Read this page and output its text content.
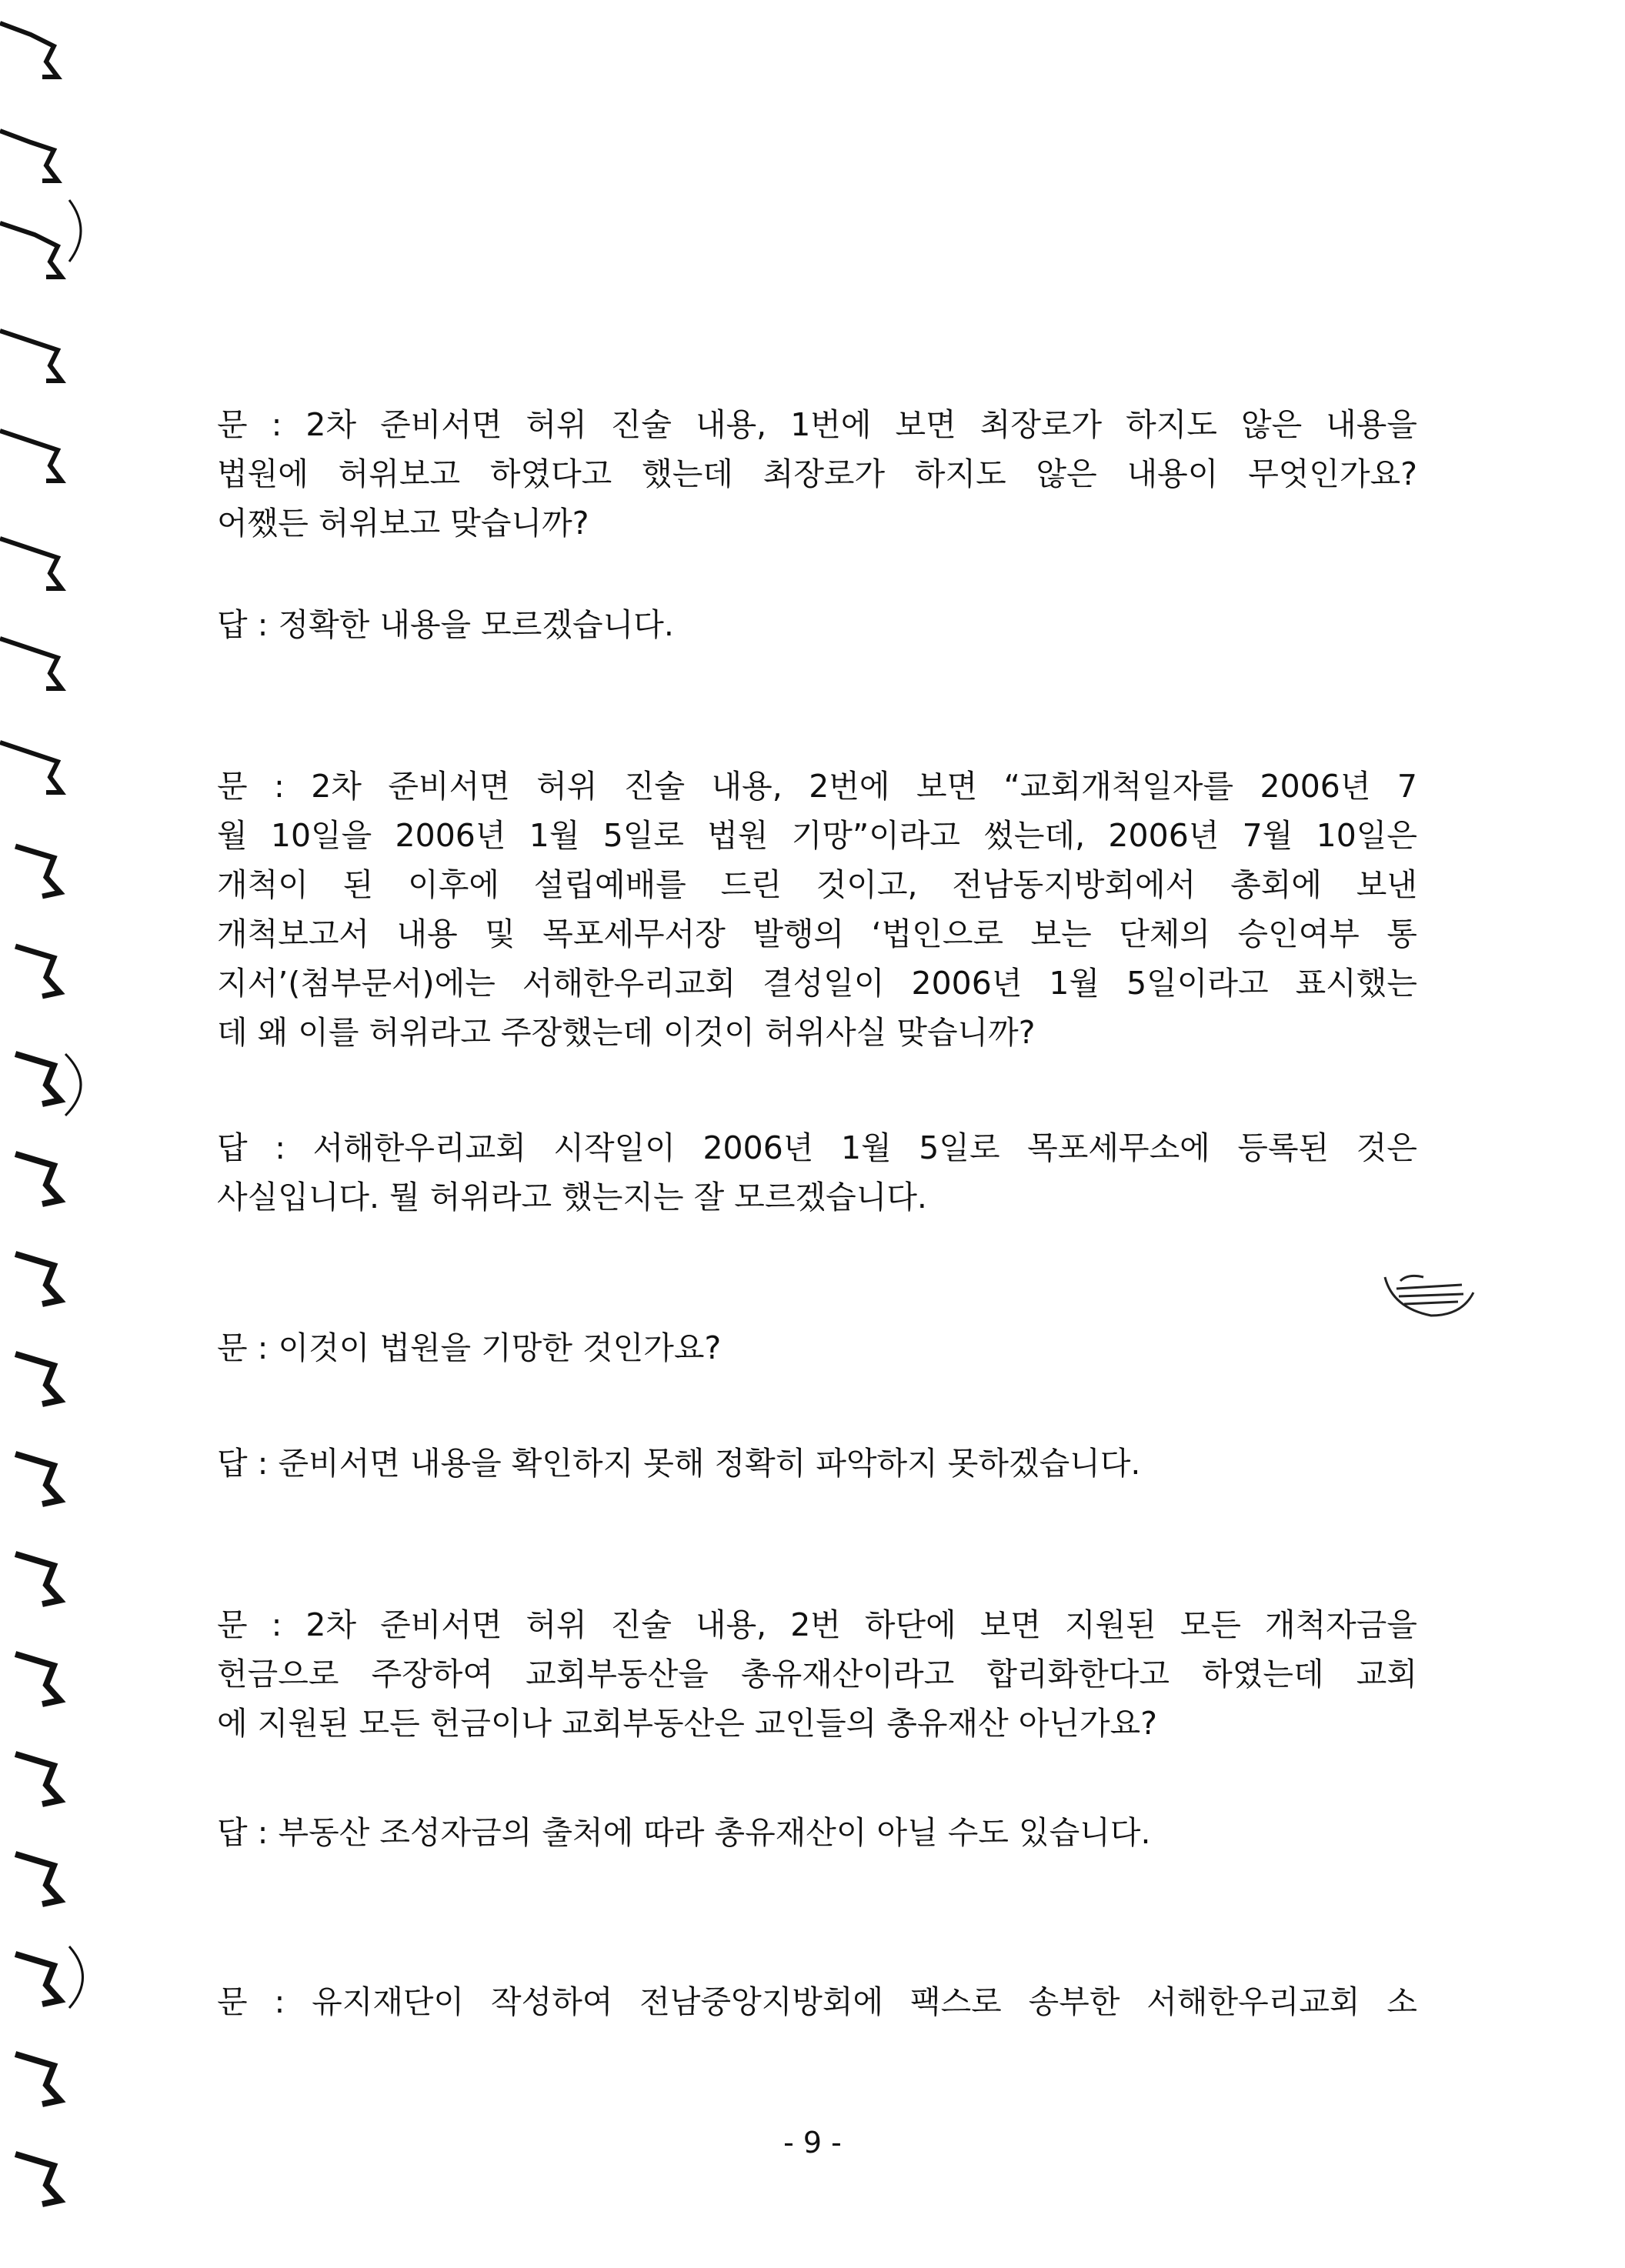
문 : 2차 준비서면 허위 진술 내용, 1번에 보면 최장로가 하지도 않은 내용을
법원에 허위보고 하였다고 했는데 최장로가 하지도 않은 내용이 무엇인가요?
어쨌든 허위보고 맞습니까?
답 : 정확한 내용을 모르겠습니다.
문 : 2차 준비서면 허위 진술 내용, 2번에 보면 “교회개척일자를 2006년 7
월 10일을 2006년 1월 5일로 법원 기망”이라고 썼는데, 2006년 7월 10일은
개척이 된 이후에 설립예배를 드린 것이고, 전남동지방회에서 총회에 보낸
개척보고서 내용 및 목포세무서장 발행의 ‘법인으로 보는 단체의 승인여부 통
지서’(첨부문서)에는 서해한우리교회 결성일이 2006년 1월 5일이라고 표시했는
데 왜 이를 허위라고 주장했는데 이것이 허위사실 맞습니까?
답 : 서해한우리교회 시작일이 2006년 1월 5일로 목포세무소에 등록된 것은
사실입니다. 뭘 허위라고 했는지는 잘 모르겠습니다.
문 : 이것이 법원을 기망한 것인가요?
답 : 준비서면 내용을 확인하지 못해 정확히 파악하지 못하겠습니다.
문 : 2차 준비서면 허위 진술 내용, 2번 하단에 보면 지원된 모든 개척자금을
헌금으로 주장하여 교회부동산을 총유재산이라고 합리화한다고 하였는데 교회
에 지원된 모든 헌금이나 교회부동산은 교인들의 총유재산 아닌가요?
답 : 부동산 조성자금의 출처에 따라 총유재산이 아닐 수도 있습니다.
문 : 유지재단이 작성하여 전남중앙지방회에 팩스로 송부한 서해한우리교회 소
- 9 -
